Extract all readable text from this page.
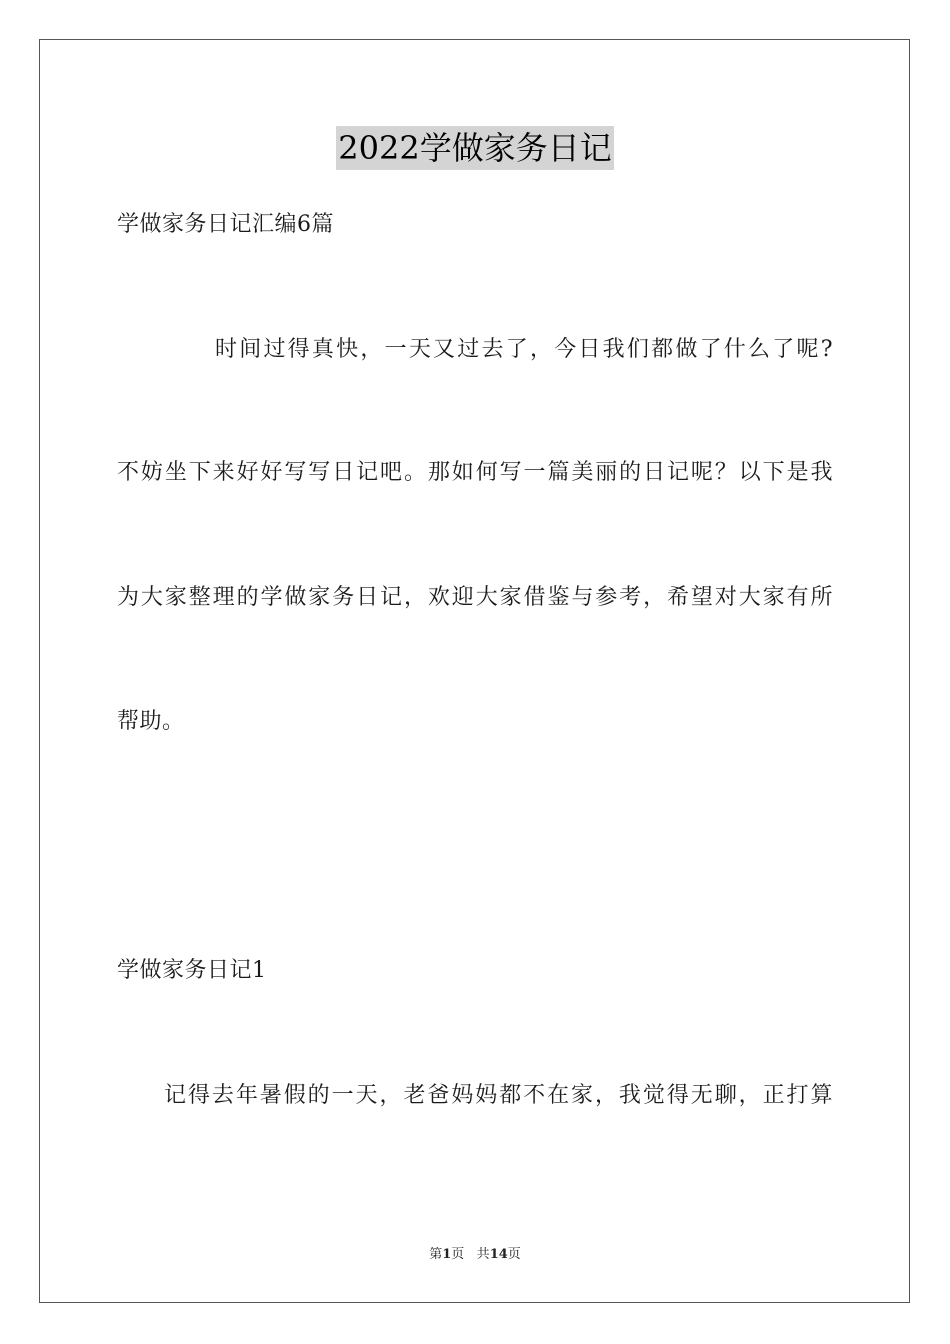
2022学做家务日记
学做家务日记汇编6篇
时间过得真快，一天又过去了，今日我们都做了什么了呢?
不妨坐下来好好写写日记吧。那如何写一篇美丽的日记呢？以下是我
为大家整理的学做家务日记，欢迎大家借鉴与参考，希望对大家有所
帮助。
学做家务日记1
记得去年暑假的一天，老爸妈妈都不在家，我觉得无聊，正打算
第1页 共14页
